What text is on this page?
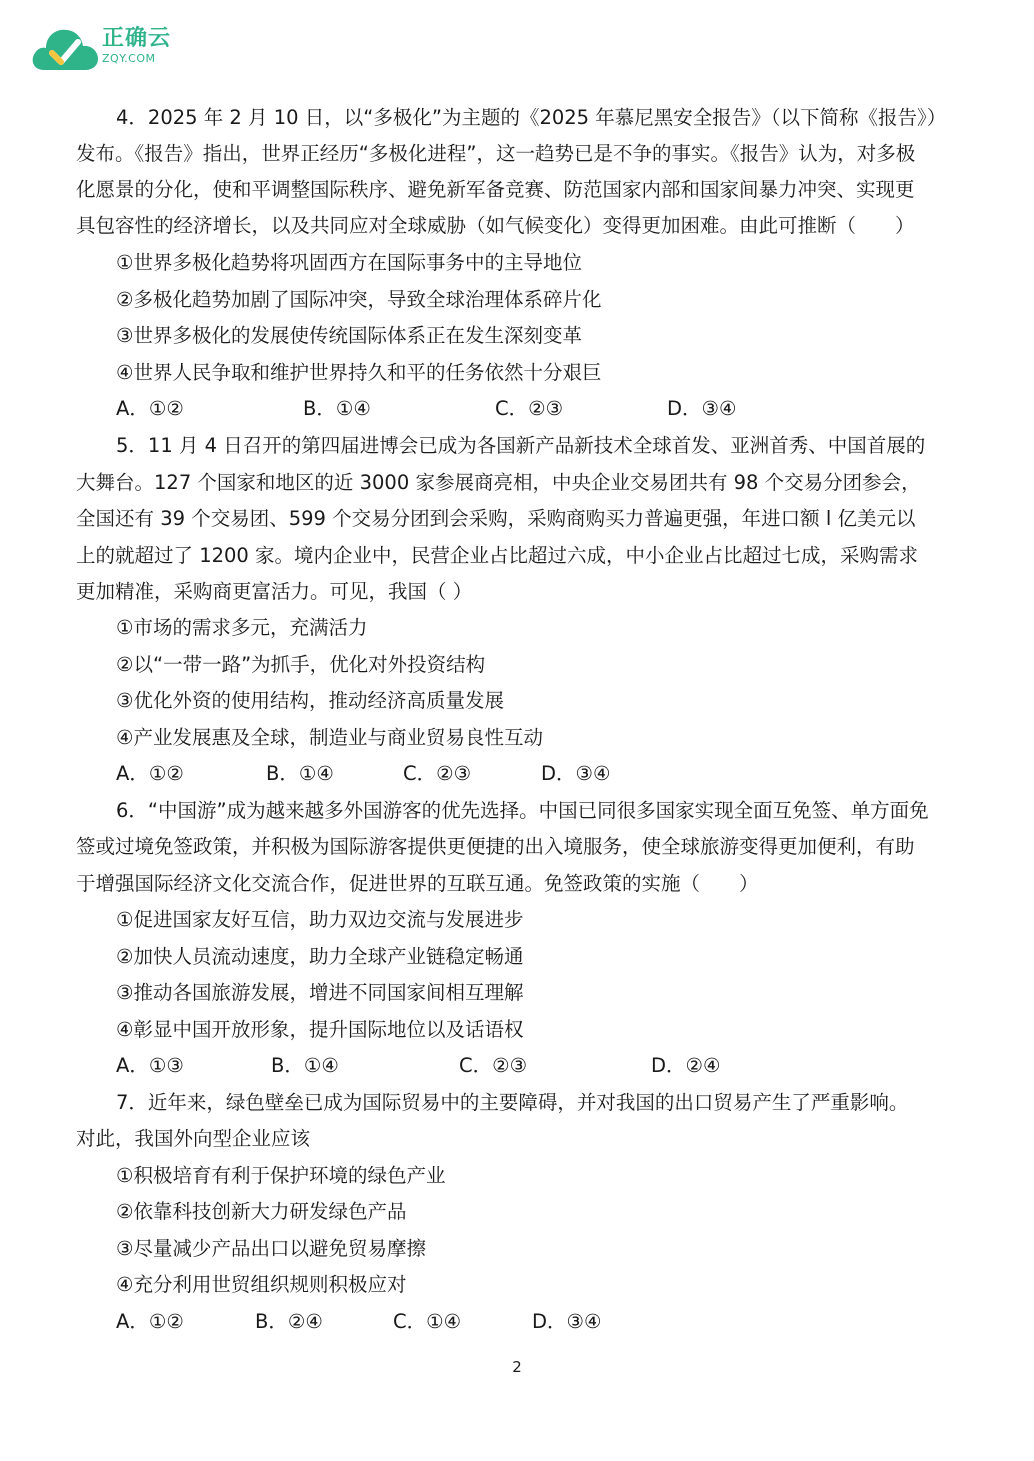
正确云
ZQY.COM
4．2025 年 2 月 10 日，以“多极化”为主题的《2025 年慕尼黑安全报告》（以下简称《报告》）
发布。《报告》指出，世界正经历“多极化进程”，这一趋势已是不争的事实。《报告》认为，对多极
化愿景的分化，使和平调整国际秩序、避免新军备竞赛、防范国家内部和国家间暴力冲突、实现更
具包容性的经济增长，以及共同应对全球威胁（如气候变化）变得更加困难。由此可推断（　　）
①世界多极化趋势将巩固西方在国际事务中的主导地位
②多极化趋势加剧了国际冲突，导致全球治理体系碎片化
③世界多极化的发展使传统国际体系正在发生深刻变革
④世界人民争取和维护世界持久和平的任务依然十分艰巨
A．①②	B．①④	C．②③	D．③④
5．11 月 4 日召开的第四届进博会已成为各国新产品新技术全球首发、亚洲首秀、中国首展的
大舞台。127 个国家和地区的近 3000 家参展商亮相，中央企业交易团共有 98 个交易分团参会，
全国还有 39 个交易团、599 个交易分团到会采购，采购商购买力普遍更强，年进口额 l 亿美元以
上的就超过了 1200 家。境内企业中，民营企业占比超过六成，中小企业占比超过七成，采购需求
更加精准，采购商更富活力。可见，我国（ ）
①市场的需求多元，充满活力
②以“一带一路”为抓手，优化对外投资结构
③优化外资的使用结构，推动经济高质量发展
④产业发展惠及全球，制造业与商业贸易良性互动
A．①②	B．①④	C．②③	D．③④
6．“中国游”成为越来越多外国游客的优先选择。中国已同很多国家实现全面互免签、单方面免
签或过境免签政策，并积极为国际游客提供更便捷的出入境服务，使全球旅游变得更加便利，有助
于增强国际经济文化交流合作，促进世界的互联互通。免签政策的实施（　　）
①促进国家友好互信，助力双边交流与发展进步
②加快人员流动速度，助力全球产业链稳定畅通
③推动各国旅游发展，增进不同国家间相互理解
④彰显中国开放形象，提升国际地位以及话语权
A．①③	B．①④	C．②③	D．②④
7．近年来，绿色壁垒已成为国际贸易中的主要障碍，并对我国的出口贸易产生了严重影响。
对此，我国外向型企业应该
①积极培育有利于保护环境的绿色产业
②依靠科技创新大力研发绿色产品
③尽量减少产品出口以避免贸易摩擦
④充分利用世贸组织规则积极应对
A．①②	B．②④	C．①④	D．③④
2
